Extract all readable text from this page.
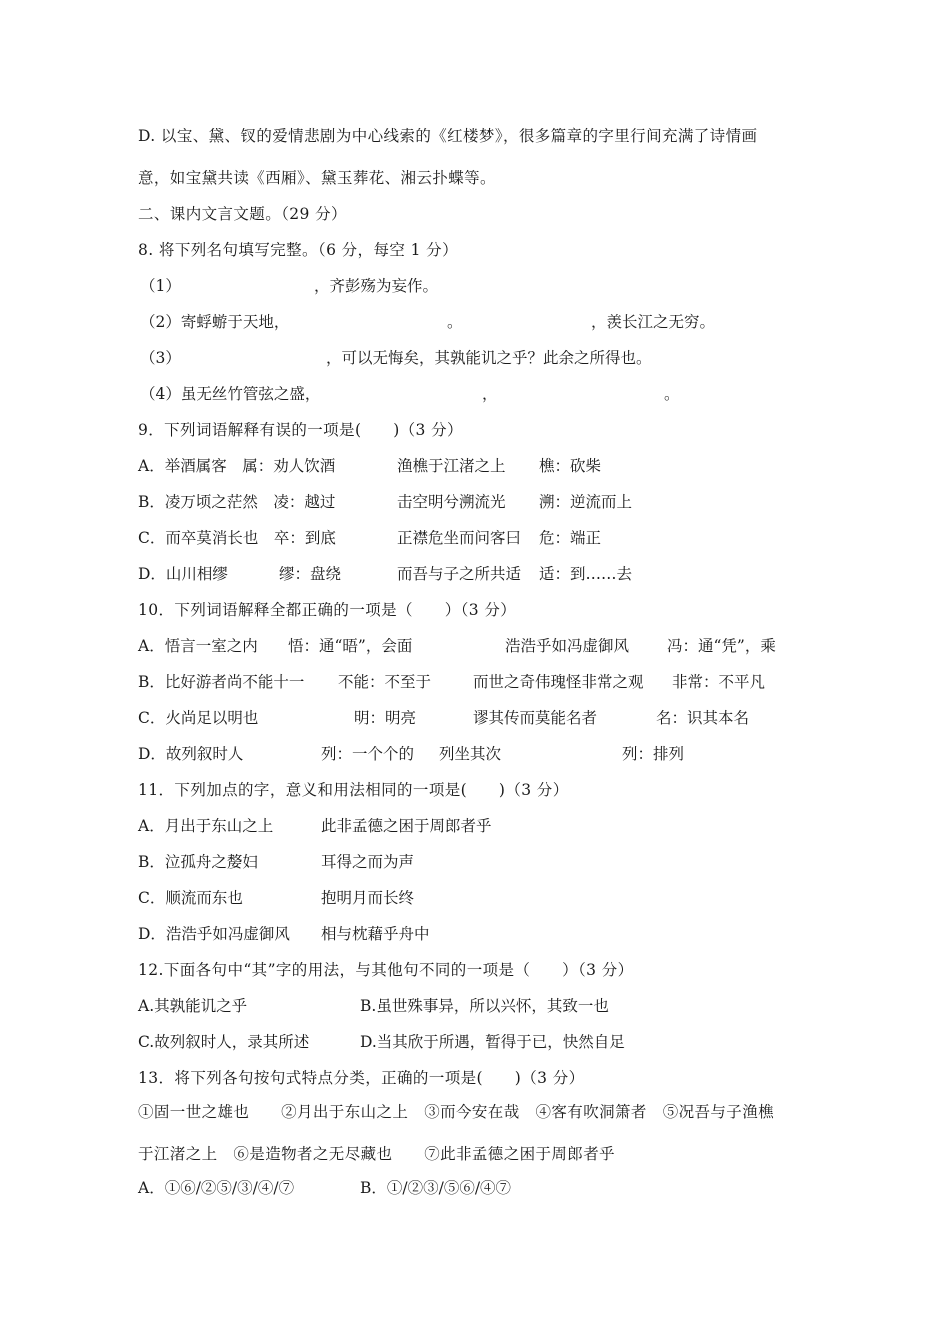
D. 以宝、黛、钗的爱情悲剧为中心线索的《红楼梦》，很多篇章的字里行间充满了诗情画
意，如宝黛共读《西厢》、黛玉葬花、湘云扑蝶等。
二、课内文言文题。（29 分）
8. 将下列名句填写完整。（6 分，每空 1 分）
（1）	，齐彭殇为妄作。
（2）寄蜉蝣于天地，	。	，羡长江之无穷。
（3）	，可以无悔矣，其孰能讥之乎？此余之所得也。
（4）虽无丝竹管弦之盛，	，	。
9．下列词语解释有误的一项是(　　)（3 分）
A．举酒属客　属：劝人饮酒	渔樵于江渚之上 樵：砍柴
B．凌万顷之茫然　凌：越过	击空明兮溯流光 溯：逆流而上
C．而卒莫消长也　卒：到底	正襟危坐而问客曰 危：端正
D．山川相缪	缪：盘绕	而吾与子之所共适 适：到……去
10．下列词语解释全都正确的一项是（　　）（3 分）
A．悟言一室之内 悟：通“晤”，会面	浩浩乎如冯虚御风 冯：通“凭”，乘
B．比好游者尚不能十一 不能：不至于	而世之奇伟瑰怪非常之观 非常：不平凡
C．火尚足以明也	明：明亮	谬其传而莫能名者	名：识其本名
D．故列叙时人	列：一个个的 列坐其次	列：排列
11．下列加点的字，意义和用法相同的一项是(　　)（3 分）
A．月出于东山之上	此非孟德之困于周郎者乎
B．泣孤舟之嫠妇	耳得之而为声
C．顺流而东也	抱明月而长终
D．浩浩乎如冯虚御风 相与枕藉乎舟中
12.下面各句中“其”字的用法，与其他句不同的一项是（　　）（3 分）
A.其孰能讥之乎	B.虽世殊事异，所以兴怀，其致一也
C.故列叙时人，录其所述	D.当其欣于所遇，暂得于已，快然自足
13．将下列各句按句式特点分类，正确的一项是(　　)（3 分）
①固一世之雄也　　②月出于东山之上　③而今安在哉　④客有吹洞箫者　⑤况吾与子渔樵
于江渚之上　⑥是造物者之无尽藏也　　⑦此非孟德之困于周郎者乎
A．①⑥/②⑤/③/④/⑦	B．①/②③/⑤⑥/④⑦
